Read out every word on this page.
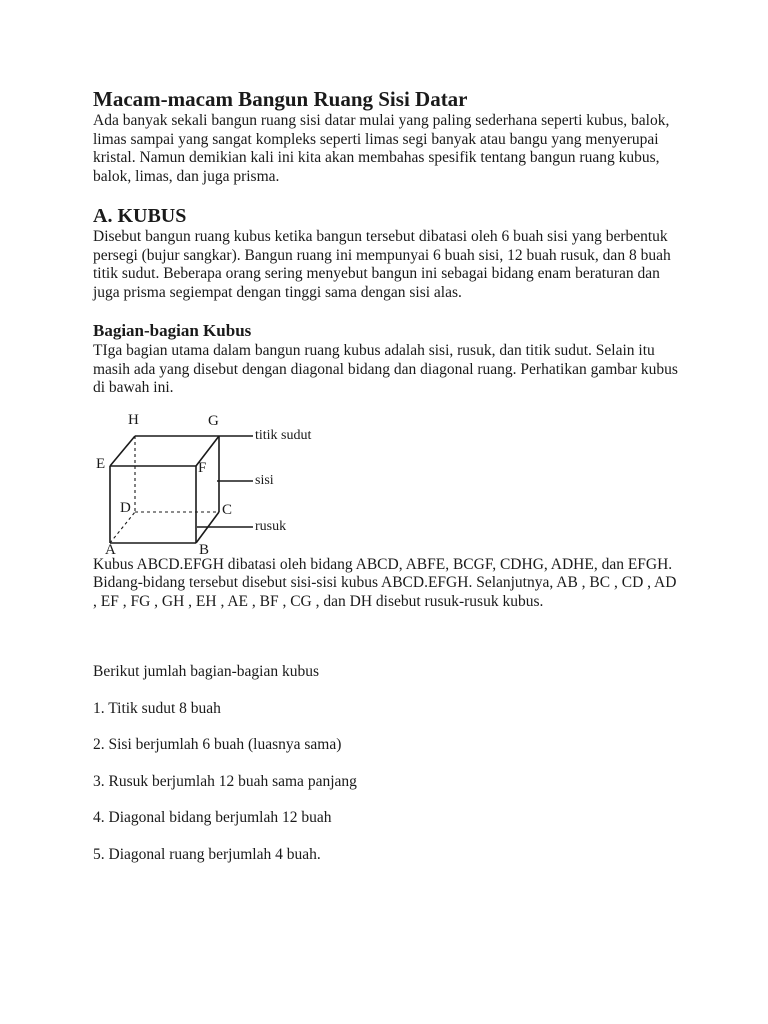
Macam-macam Bangun Ruang Sisi Datar

Ada banyak sekali bangun ruang sisi datar mulai yang paling sederhana seperti kubus, balok, limas sampai yang sangat kompleks seperti limas segi banyak atau bangu yang menyerupai kristal. Namun demikian kali ini kita akan membahas spesifik tentang bangun ruang kubus, balok, limas, dan juga prisma.

A. KUBUS

Disebut bangun ruang kubus ketika bangun tersebut dibatasi oleh 6 buah sisi yang berbentuk persegi (bujur sangkar). Bangun ruang ini mempunyai 6 buah sisi, 12 buah rusuk, dan 8 buah titik sudut. Beberapa orang sering menyebut bangun ini sebagai bidang enam beraturan dan juga prisma segiempat dengan tinggi sama dengan sisi alas.

Bagian-bagian Kubus

TIga bagian utama dalam bangun ruang kubus adalah sisi, rusuk, dan titik sudut. Selain itu masih ada yang disebut dengan diagonal bidang dan diagonal ruang. Perhatikan gambar kubus di bawah ini.

H	G
E	F
D	C
A	B
titik sudut
sisi
rusuk

Kubus ABCD.EFGH dibatasi oleh bidang ABCD, ABFE, BCGF, CDHG, ADHE, dan EFGH. Bidang-bidang tersebut disebut sisi-sisi kubus ABCD.EFGH. Selanjutnya, AB , BC , CD , AD , EF , FG , GH , EH , AE , BF , CG , dan DH disebut rusuk-rusuk kubus.

Berikut jumlah bagian-bagian kubus

1. Titik sudut 8 buah

2. Sisi berjumlah 6 buah (luasnya sama)

3. Rusuk berjumlah 12 buah sama panjang

4. Diagonal bidang berjumlah 12 buah

5. Diagonal ruang berjumlah 4 buah.
